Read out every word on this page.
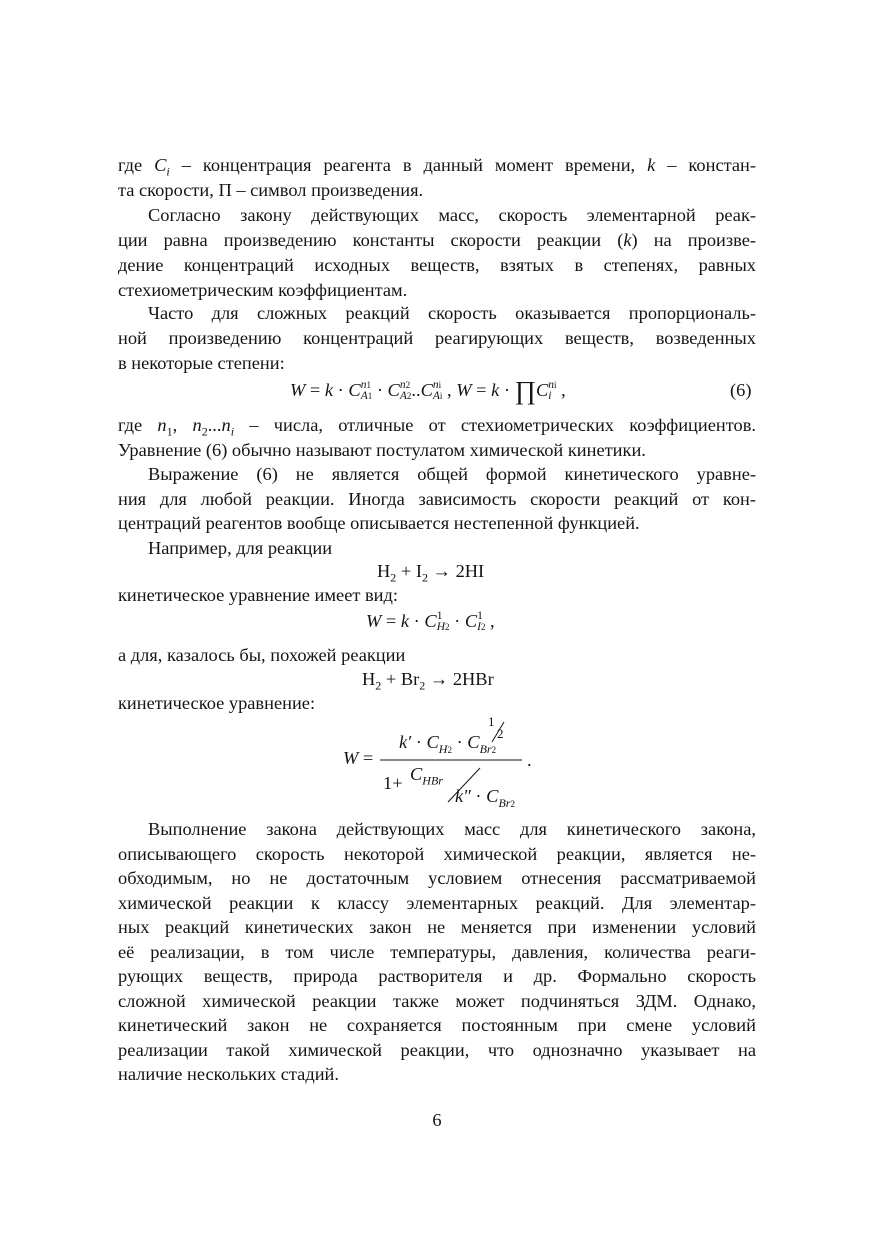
где $C_i$ – концентрация реагента в данный момент времени, k – констан-
та скорости, П – символ произведения.
Согласно закону действующих масс, скорость элементарной реак-
ции равна произведению константы скорости реакции (k) на произве-
дение концентраций исходных веществ, взятых в степенях, равных
стехиометрическим коэффициентам.
Часто для сложных реакций скорость оказывается пропорциональ-
ной произведению концентраций реагирующих веществ, возведенных
в некоторые степени:
W = k · C n1
A1 · C n2
A2 ..C ni
Ai , W = k · ∏C ni
i ,	(6)
где $n_1$, $n_2...n_i$ – числа, отличные от стехиометрических коэффициентов.
Уравнение (6) обычно называют постулатом химической кинетики.
Выражение (6) не является общей формой кинетического уравне-
ния для любой реакции. Иногда зависимость скорости реакций от кон-
центраций реагентов вообще описывается нестепенной функцией.
Например, для реакции
$H_2 + I_2 \to 2HI$
кинетическое уравнение имеет вид:
W = k · C 1
H2 · C 1
I2 ,
а для, казалось бы, похожей реакции
$H_2 + Br_2 \to 2HBr$
кинетическое уравнение:
W =
$k' \cdot C_{H2} \cdot C_{Br2}$
1
2
$1+ C_{HBr}$
$k'' \cdot C_{Br2}$
.
Выполнение закона действующих масс для кинетического закона,
описывающего скорость некоторой химической реакции, является не-
обходимым, но не достаточным условием отнесения рассматриваемой
химической реакции к классу элементарных реакций. Для элементар-
ных реакций кинетических закон не меняется при изменении условий
её реализации, в том числе температуры, давления, количества реаги-
рующих веществ, природа растворителя и др. Формально скорость
сложной химической реакции также может подчиняться ЗДМ. Однако,
кинетический закон не сохраняется постоянным при смене условий
реализации такой химической реакции, что однозначно указывает на
наличие нескольких стадий.
6
